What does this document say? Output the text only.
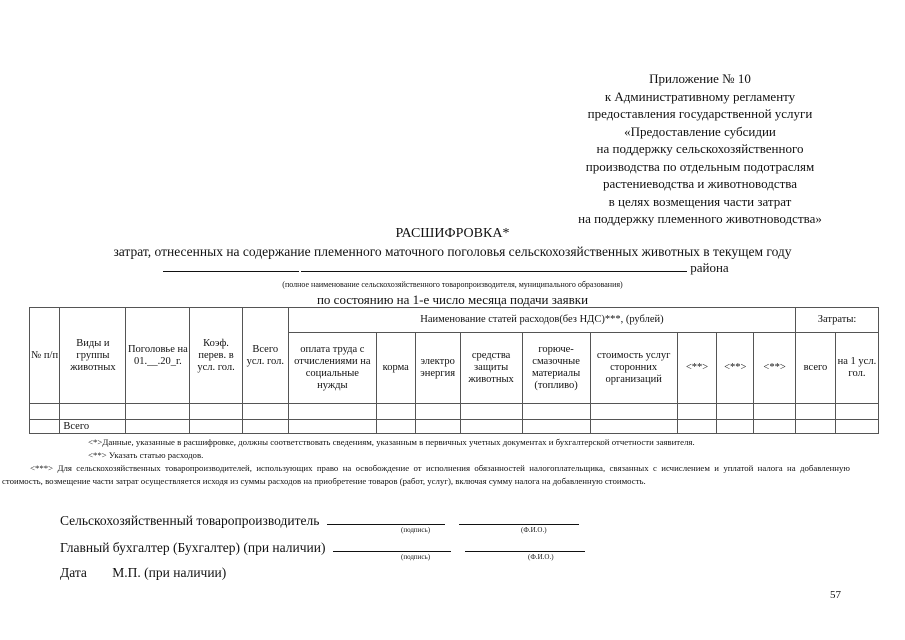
Приложение № 10
к Административному регламенту
предоставления государственной услуги
«Предоставление субсидии
на поддержку сельскохозяйственного
производства по отдельным подотраслям
растениеводства и животноводства
в целях возмещения части затрат
на поддержку племенного животноводства»
РАСШИФРОВКА*
затрат, отнесенных на содержание племенного маточного поголовья сельскохозяйственных животных в текущем году
района
(полное наименование сельскохозяйственного товаропроизводителя, муниципального образования)
по состоянию на 1-е число месяца подачи заявки
№ п/п	Виды и группы животных	Поголовье на 01.__.20_г.	Коэф. перев. в усл. гол.	Всего усл. гол.	Наименование статей расходов(без НДС)***, (рублей)									Затраты:	
					оплата труда с отчислениями на социальные нужды	корма	электро энергия	средства защиты животных	горюче-смазочные материалы (топливо)	стоимость услуг сторонних организаций	<**>	<**>	<**>	всего	на 1 усл. гол.

	Всего														

<*>Данные, указанные в расшифровке, должны соответствовать сведениям, указанным в первичных учетных документах и бухгалтерской отчетности заявителя.

<**> Указать статью расходов.

<***> Для сельскохозяйственных товаропроизводителей, использующих право на освобождение от исполнения обязанностей налогоплательщика, связанных с исчислением и уплатой налога на добавленную стоимость, возмещение части затрат осуществляется исходя из суммы расходов на приобретение товаров (работ, услуг), включая сумму налога на добавленную стоимость.

Сельскохозяйственный товаропроизводитель
(подпись)	(Ф.И.О.)
Главный бухгалтер (Бухгалтер) (при наличии)
(подпись)	(Ф.И.О.)
Дата М.П. (при наличии)
57
